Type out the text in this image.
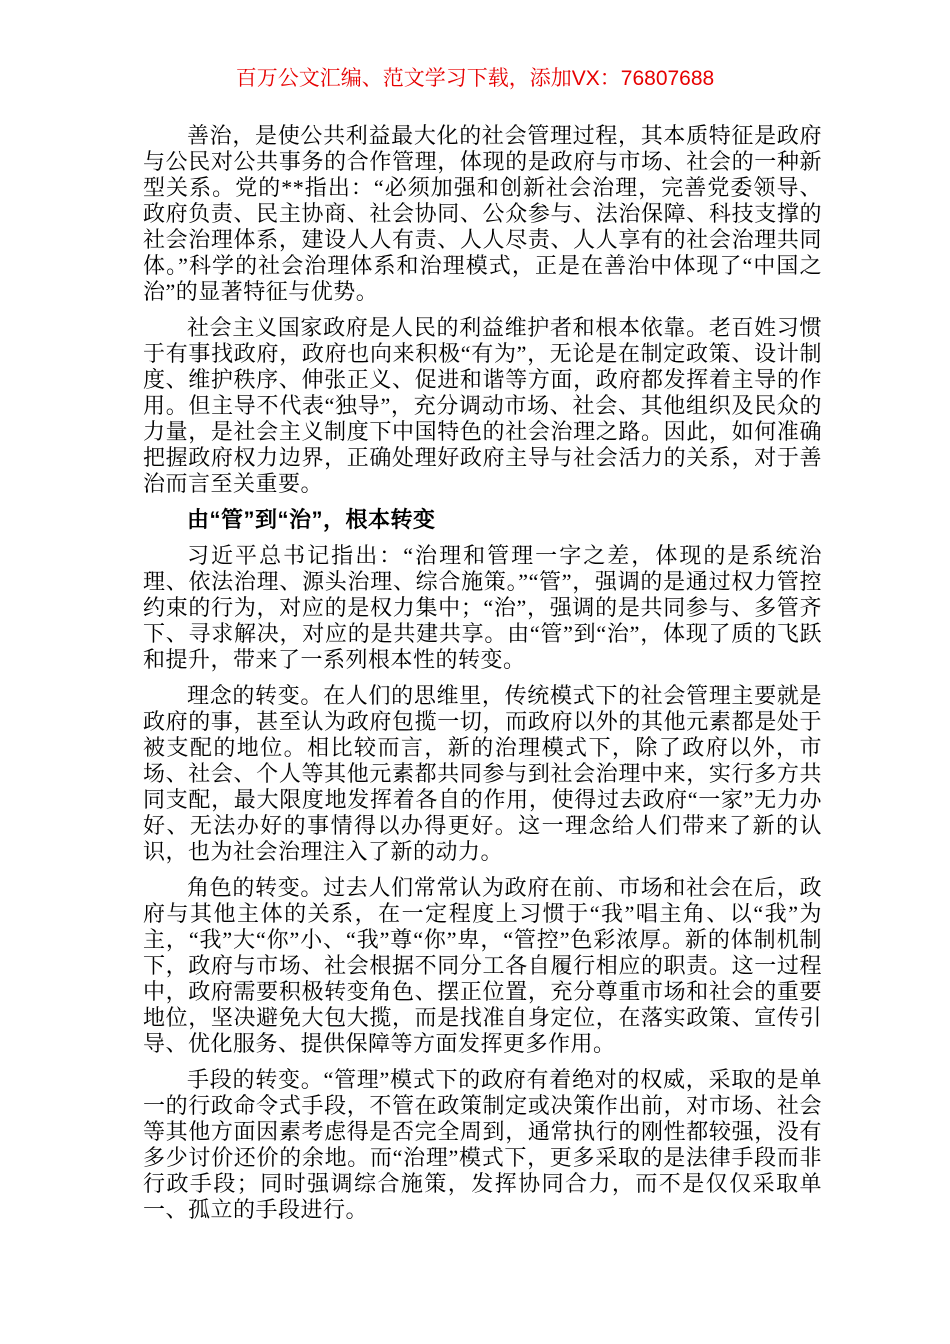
百万公文汇编、范文学习下载，添加VX：76807688

善治，是使公共利益最大化的社会管理过程，其本质特征是政府与公民对公共事务的合作管理，体现的是政府与市场、社会的一种新型关系。党的**指出：“必须加强和创新社会治理，完善党委领导、政府负责、民主协商、社会协同、公众参与、法治保障、科技支撑的社会治理体系，建设人人有责、人人尽责、人人享有的社会治理共同体。”科学的社会治理体系和治理模式，正是在善治中体现了“中国之治”的显著特征与优势。

社会主义国家政府是人民的利益维护者和根本依靠。老百姓习惯于有事找政府，政府也向来积极“有为”，无论是在制定政策、设计制度、维护秩序、伸张正义、促进和谐等方面，政府都发挥着主导的作用。但主导不代表“独导”，充分调动市场、社会、其他组织及民众的力量，是社会主义制度下中国特色的社会治理之路。因此，如何准确把握政府权力边界，正确处理好政府主导与社会活力的关系，对于善治而言至关重要。

由“管”到“治”，根本转变

习近平总书记指出：“治理和管理一字之差，体现的是系统治理、依法治理、源头治理、综合施策。”“管”，强调的是通过权力管控约束的行为，对应的是权力集中；“治”，强调的是共同参与、多管齐下、寻求解决，对应的是共建共享。由“管”到“治”，体现了质的飞跃和提升，带来了一系列根本性的转变。

理念的转变。在人们的思维里，传统模式下的社会管理主要就是政府的事，甚至认为政府包揽一切，而政府以外的其他元素都是处于被支配的地位。相比较而言，新的治理模式下，除了政府以外，市场、社会、个人等其他元素都共同参与到社会治理中来，实行多方共同支配，最大限度地发挥着各自的作用，使得过去政府“一家”无力办好、无法办好的事情得以办得更好。这一理念给人们带来了新的认识，也为社会治理注入了新的动力。

角色的转变。过去人们常常认为政府在前、市场和社会在后，政府与其他主体的关系，在一定程度上习惯于“我”唱主角、以“我”为主，“我”大“你”小、“我”尊“你”卑，“管控”色彩浓厚。新的体制机制下，政府与市场、社会根据不同分工各自履行相应的职责。这一过程中，政府需要积极转变角色、摆正位置，充分尊重市场和社会的重要地位，坚决避免大包大揽，而是找准自身定位，在落实政策、宣传引导、优化服务、提供保障等方面发挥更多作用。

手段的转变。“管理”模式下的政府有着绝对的权威，采取的是单一的行政命令式手段，不管在政策制定或决策作出前，对市场、社会等其他方面因素考虑得是否完全周到，通常执行的刚性都较强，没有多少讨价还价的余地。而“治理”模式下，更多采取的是法律手段而非行政手段；同时强调综合施策，发挥协同合力，而不是仅仅采取单一、孤立的手段进行。
